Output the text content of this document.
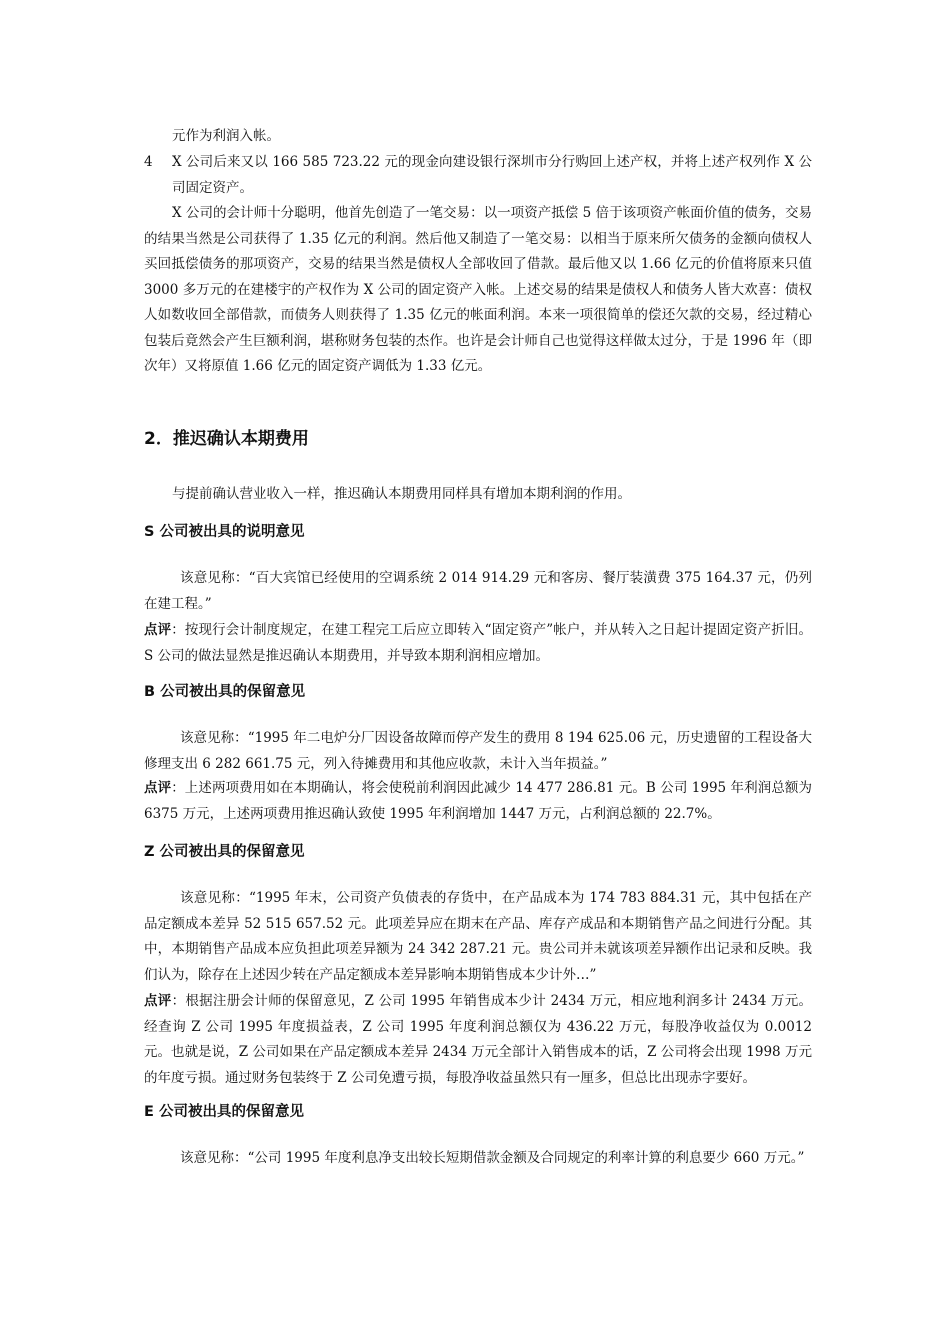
元作为利润入帐。

4 X 公司后来又以 166 585 723.22 元的现金向建设银行深圳市分行购回上述产权，并将上述产权列作 X 公司固定资产。

X 公司的会计师十分聪明，他首先创造了一笔交易：以一项资产抵偿 5 倍于该项资产帐面价值的债务，交易的结果当然是公司获得了 1.35 亿元的利润。然后他又制造了一笔交易：以相当于原来所欠债务的金额向债权人买回抵偿债务的那项资产，交易的结果当然是债权人全部收回了借款。最后他又以 1.66 亿元的价值将原来只值 3000 多万元的在建楼宇的产权作为 X 公司的固定资产入帐。上述交易的结果是债权人和债务人皆大欢喜：债权人如数收回全部借款，而债务人则获得了 1.35 亿元的帐面利润。本来一项很简单的偿还欠款的交易，经过精心包装后竟然会产生巨额利润，堪称财务包装的杰作。也许是会计师自己也觉得这样做太过分，于是 1996 年（即次年）又将原值 1.66 亿元的固定资产调低为 1.33 亿元。

2．推迟确认本期费用

与提前确认营业收入一样，推迟确认本期费用同样具有增加本期利润的作用。

S 公司被出具的说明意见

该意见称：“百大宾馆已经使用的空调系统 2 014 914.29 元和客房、餐厅装潢费 375 164.37 元，仍列在建工程。”

点评：按现行会计制度规定，在建工程完工后应立即转入“固定资产”帐户，并从转入之日起计提固定资产折旧。S 公司的做法显然是推迟确认本期费用，并导致本期利润相应增加。

B 公司被出具的保留意见

该意见称：“1995 年二电炉分厂因设备故障而停产发生的费用 8 194 625.06 元，历史遗留的工程设备大修理支出 6 282 661.75 元，列入待摊费用和其他应收款，未计入当年损益。”

点评：上述两项费用如在本期确认，将会使税前利润因此减少 14 477 286.81 元。B 公司 1995 年利润总额为 6375 万元，上述两项费用推迟确认致使 1995 年利润增加 1447 万元，占利润总额的 22.7%。

Z 公司被出具的保留意见

该意见称：“1995 年末，公司资产负债表的存货中，在产品成本为 174 783 884.31 元，其中包括在产品定额成本差异 52 515 657.52 元。此项差异应在期末在产品、库存产成品和本期销售产品之间进行分配。其中，本期销售产品成本应负担此项差异额为 24 342 287.21 元。贵公司并未就该项差异额作出记录和反映。我们认为，除存在上述因少转在产品定额成本差异影响本期销售成本少计外…”

点评：根据注册会计师的保留意见，Z 公司 1995 年销售成本少计 2434 万元，相应地利润多计 2434 万元。经查询 Z 公司 1995 年度损益表，Z 公司 1995 年度利润总额仅为 436.22 万元，每股净收益仅为 0.0012 元。也就是说，Z 公司如果在产品定额成本差异 2434 万元全部计入销售成本的话，Z 公司将会出现 1998 万元的年度亏损。通过财务包装终于 Z 公司免遭亏损，每股净收益虽然只有一厘多，但总比出现赤字要好。

E 公司被出具的保留意见

该意见称：“公司 1995 年度利息净支出较长短期借款金额及合同规定的利率计算的利息要少 660 万元。”
